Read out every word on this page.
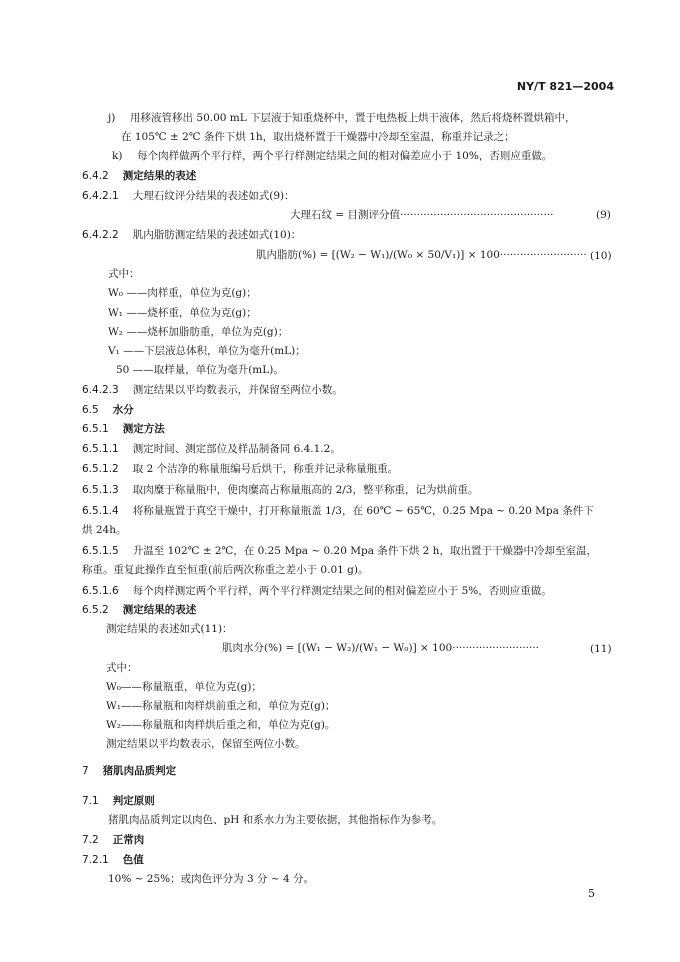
NY/T 821—2004
j) 用移液管移出 50.00 mL 下层液于知重烧杯中，置于电热板上烘干液体，然后将烧杯置烘箱中，
在 105℃ ± 2℃ 条件下烘 1h，取出烧杯置于干燥器中冷却至室温，称重并记录之；
k) 每个肉样做两个平行样，两个平行样测定结果之间的相对偏差应小于 10%，否则应重做。
6.4.2 测定结果的表述
6.4.2.1 大理石纹评分结果的表述如式(9)：
大理石纹 = 目测评分值··············································	(9)
6.4.2.2 肌内脂肪测定结果的表述如式(10)：
肌内脂肪(%) = [(W₂ − W₁)/(W₀ × 50/V₁)] × 100·························· (10)
式中：
W₀ ——肉样重，单位为克(g)；
W₁ ——烧杯重，单位为克(g)；
W₂ ——烧杯加脂肪重，单位为克(g)；
V₁ ——下层液总体积，单位为毫升(mL)；
50 ——取样量，单位为毫升(mL)。
6.4.2.3 测定结果以平均数表示，并保留至两位小数。
6.5 水分
6.5.1 测定方法
6.5.1.1 测定时间、测定部位及样品制备同 6.4.1.2。
6.5.1.2 取 2 个洁净的称量瓶编号后烘干，称重并记录称量瓶重。
6.5.1.3 取肉糜于称量瓶中，使肉糜高占称量瓶高的 2/3，整平称重，记为烘前重。
6.5.1.4 将称量瓶置于真空干燥中，打开称量瓶盖 1/3，在 60℃ ~ 65℃，0.25 Mpa ~ 0.20 Mpa 条件下
烘 24h。
6.5.1.5 升温至 102℃ ± 2℃，在 0.25 Mpa ~ 0.20 Mpa 条件下烘 2 h，取出置于干燥器中冷却至室温，
称重。重复此操作直至恒重(前后两次称重之差小于 0.01 g)。
6.5.1.6 每个肉样测定两个平行样，两个平行样测定结果之间的相对偏差应小于 5%，否则应重做。
6.5.2 测定结果的表述
测定结果的表述如式(11)：
肌肉水分(%) = [(W₁ − W₂)/(W₁ − W₀)] × 100··························	(11)
式中：
W₀——称量瓶重，单位为克(g)；
W₁——称量瓶和肉样烘前重之和，单位为克(g)；
W₂——称量瓶和肉样烘后重之和，单位为克(g)。
测定结果以平均数表示，保留至两位小数。
7 猪肌肉品质判定
7.1 判定原则
猪肌肉品质判定以肉色、pH 和系水力为主要依据，其他指标作为参考。
7.2 正常肉
7.2.1 色值
10% ~ 25%；或肉色评分为 3 分 ~ 4 分。
5
